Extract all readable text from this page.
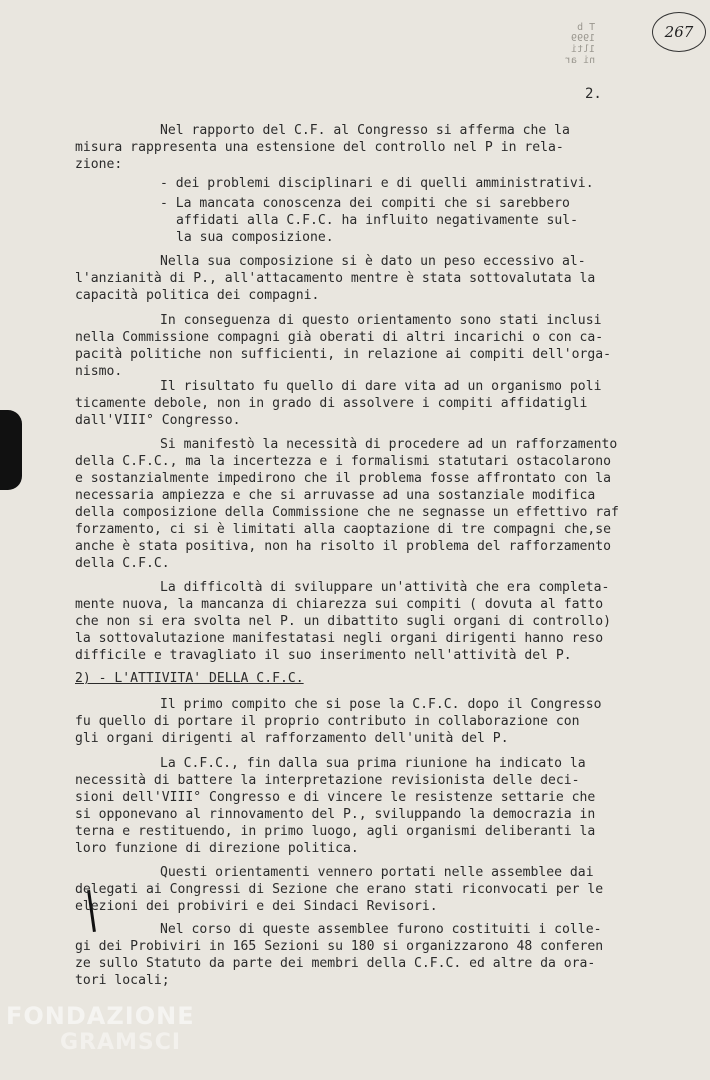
267
T b
1999
1lti
ni ar
2.
Nel rapporto del C.F. al Congresso si afferma che la
misura rappresenta una estensione del controllo nel P in rela-
zione:
- dei problemi disciplinari e di quelli amministrativi.
- La mancata conoscenza dei compiti che si sarebbero
affidati alla C.F.C. ha influito negativamente sul-
la sua composizione.
Nella sua composizione si è dato un peso eccessivo al-
l'anzianità di P., all'attacamento mentre è stata sottovalutata la
capacità politica dei compagni.
In conseguenza di questo orientamento sono stati inclusi
nella Commissione compagni già oberati di altri incarichi o con ca-
pacità politiche non sufficienti, in relazione ai compiti dell'orga-
nismo.
Il risultato fu quello di dare vita ad un organismo poli
ticamente debole, non in grado di assolvere i compiti affidatigli
dall'VIII° Congresso.
Si manifestò la necessità di procedere ad un rafforzamento
della C.F.C., ma la incertezza e i formalismi statutari ostacolarono
e sostanzialmente impedirono che il problema fosse affrontato con la
necessaria ampiezza e che si arruvasse ad una sostanziale modifica
della composizione della Commissione che ne segnasse un effettivo raf
forzamento, ci si è limitati alla caoptazione di tre compagni che,se
anche è stata positiva, non ha risolto il problema del rafforzamento
della C.F.C.
La difficoltà di sviluppare un'attività che era completa-
mente nuova, la mancanza di chiarezza sui compiti ( dovuta al fatto
che non si era svolta nel P. un dibattito sugli organi di controllo)
la sottovalutazione manifestatasi negli organi dirigenti hanno reso
difficile e travagliato il suo inserimento nell'attività del P.
2) - L'ATTIVITA' DELLA C.F.C.
Il primo compito che si pose la C.F.C. dopo il Congresso
fu quello di portare il proprio contributo in collaborazione con
gli organi dirigenti al rafforzamento dell'unità del P.
La C.F.C., fin dalla sua prima riunione ha indicato la
necessità di battere la interpretazione revisionista delle deci-
sioni dell'VIII° Congresso e di vincere le resistenze settarie che
si opponevano al rinnovamento del P., sviluppando la democrazia in
terna e restituendo, in primo luogo, agli organismi deliberanti la
loro funzione di direzione politica.
Questi orientamenti vennero portati nelle assemblee dai
delegati ai Congressi di Sezione che erano stati riconvocati per le
elezioni dei probiviri e dei Sindaci Revisori.
Nel corso di queste assemblee furono costituiti i colle-
gi dei Probiviri in 165 Sezioni su 180 si organizzarono 48 conferen
ze sullo Statuto da parte dei membri della C.F.C. ed altre da ora-
tori locali;
FONDAZIONE
GRAMSCI
